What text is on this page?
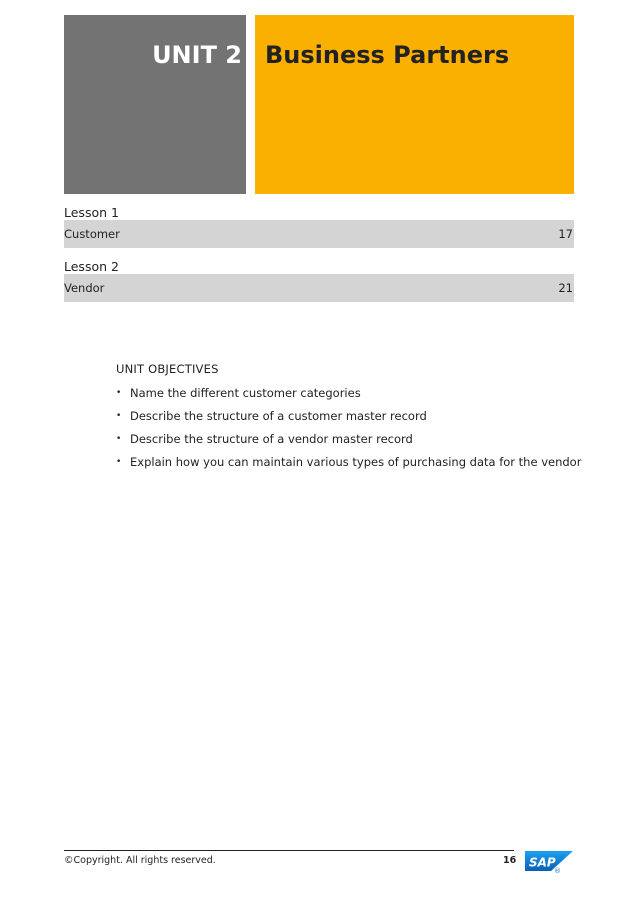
UNIT 2 Business Partners
Lesson 1
Customer	17
Lesson 2
Vendor	21
UNIT OBJECTIVES
• Name the different customer categories
• Describe the structure of a customer master record
• Describe the structure of a vendor master record
• Explain how you can maintain various types of purchasing data for the vendor
©Copyright. All rights reserved.	16 SAP
®
